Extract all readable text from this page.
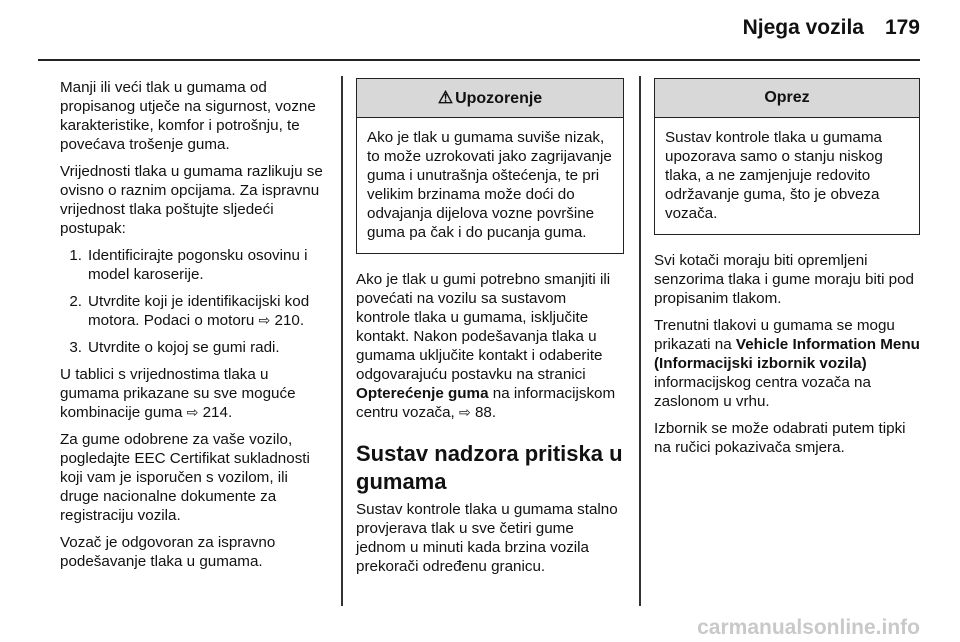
Njega vozila 179

Manji ili veći tlak u gumama od propisanog utječe na sigurnost, vozne karakteristike, komfor i potrošnju, te povećava trošenje guma.

Vrijednosti tlaka u gumama razlikuju se ovisno o raznim opcijama. Za ispravnu vrijednost tlaka poštujte sljedeći postupak:

1. Identificirajte pogonsku osovinu i model karoserije.
2. Utvrdite koji je identifikacijski kod motora. Podaci o motoru ⇨ 210.
3. Utvrdite o kojoj se gumi radi.

U tablici s vrijednostima tlaka u gumama prikazane su sve moguće kombinacije guma ⇨ 214.

Za gume odobrene za vaše vozilo, pogledajte EEC Certifikat sukladnosti koji vam je isporučen s vozilom, ili druge nacionalne dokumente za registraciju vozila.

Vozač je odgovoran za ispravno podešavanje tlaka u gumama.

⚠ Upozorenje
Ako je tlak u gumama suviše nizak, to može uzrokovati jako zagrijavanje guma i unutrašnja oštećenja, te pri velikim brzinama može doći do odvajanja dijelova vozne površine guma pa čak i do pucanja guma.

Ako je tlak u gumi potrebno smanjiti ili povećati na vozilu sa sustavom kontrole tlaka u gumama, isključite kontakt. Nakon podešavanja tlaka u gumama uključite kontakt i odaberite odgovarajuću postavku na stranici Opterećenje guma na informacijskom centru vozača, ⇨ 88.

Sustav nadzora pritiska u gumama

Sustav kontrole tlaka u gumama stalno provjerava tlak u sve četiri gume jednom u minuti kada brzina vozila prekorači određenu granicu.

Oprez
Sustav kontrole tlaka u gumama upozorava samo o stanju niskog tlaka, a ne zamjenjuje redovito održavanje guma, što je obveza vozača.

Svi kotači moraju biti opremljeni senzorima tlaka i gume moraju biti pod propisanim tlakom.

Trenutni tlakovi u gumama se mogu prikazati na Vehicle Information Menu (Informacijski izbornik vozila) informacijskog centra vozača na zaslonom u vrhu.

Izbornik se može odabrati putem tipki na ručici pokazivača smjera.

carmanualsonline.info
